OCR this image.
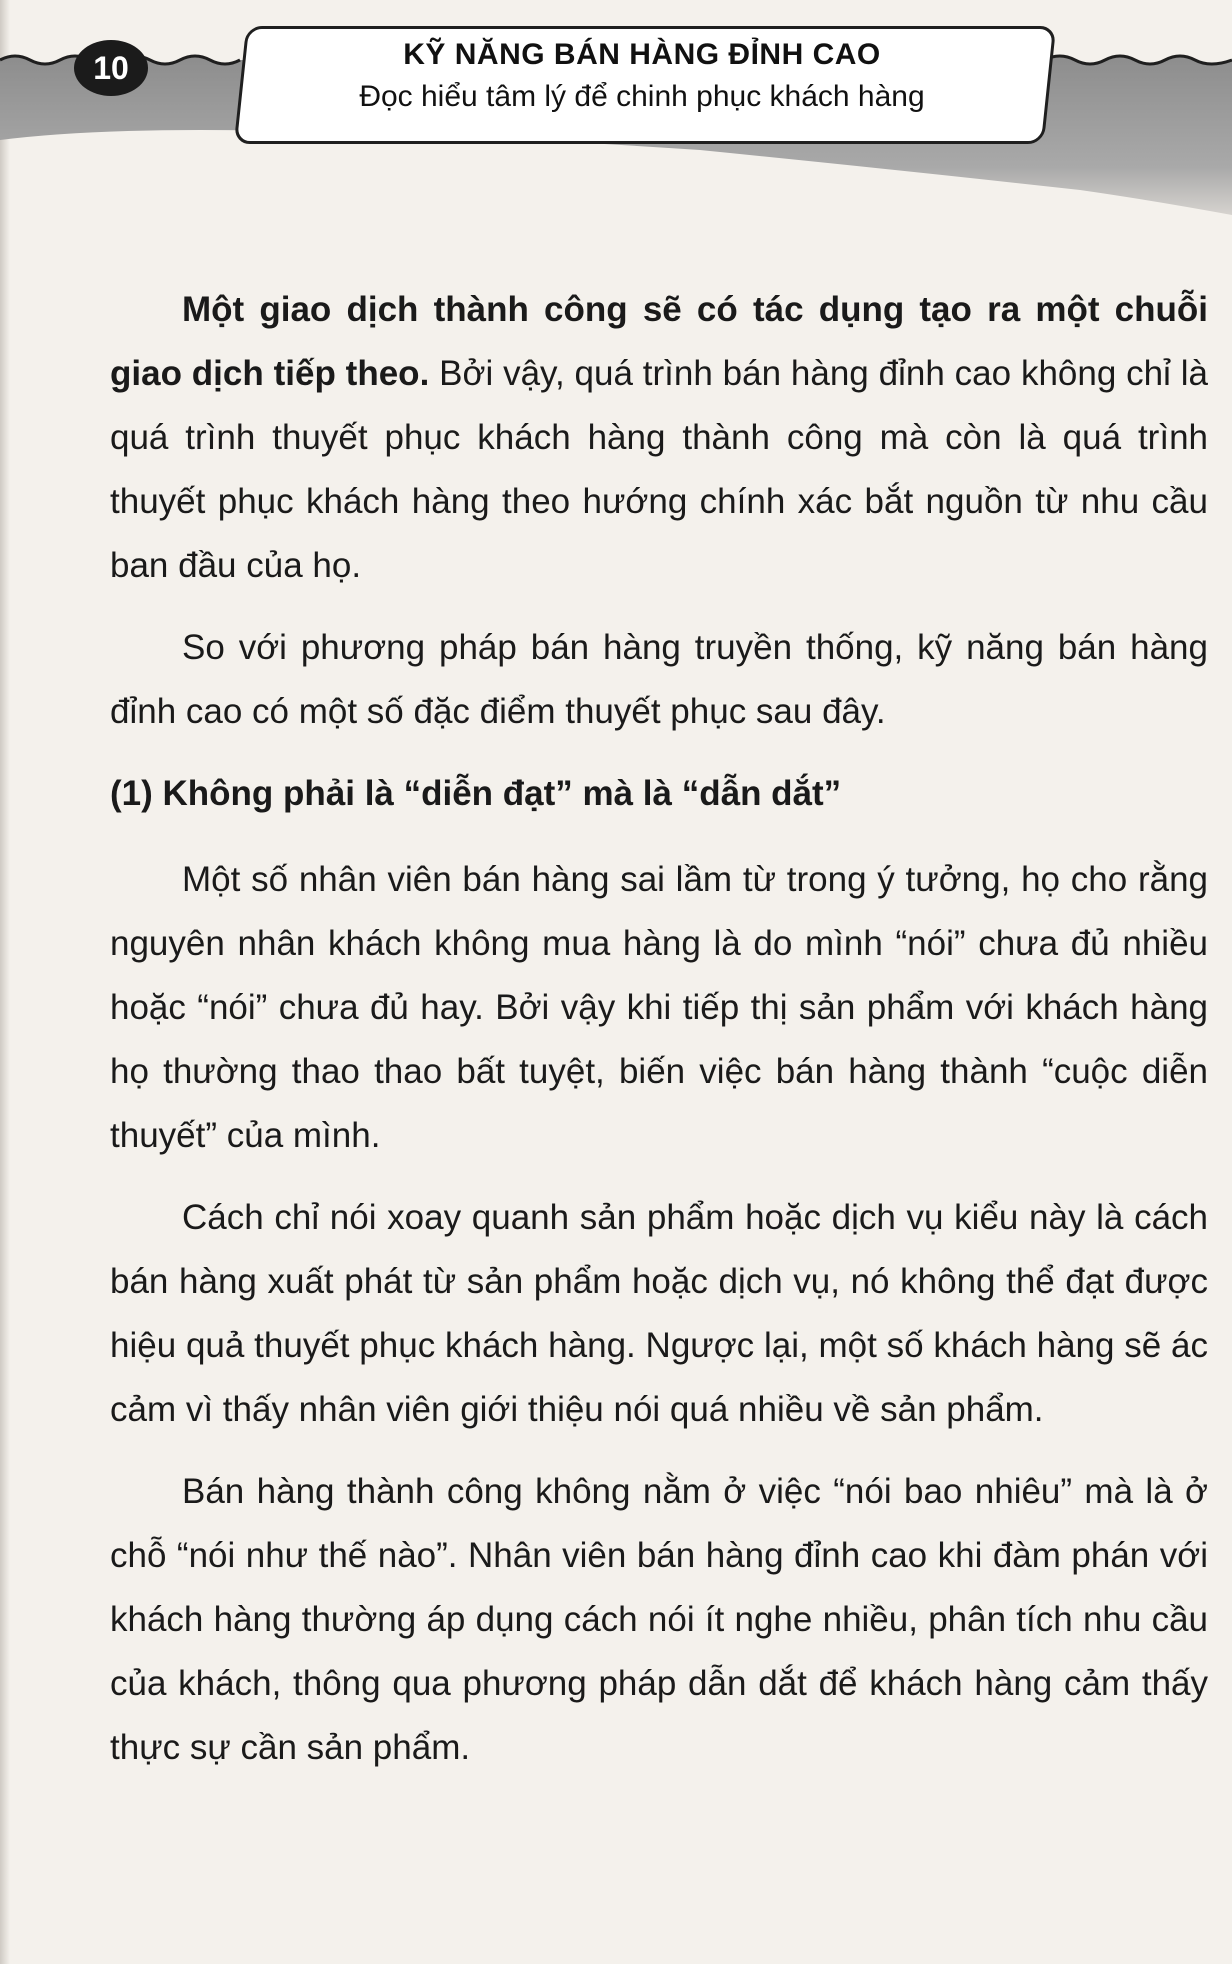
10	KỸ NĂNG BÁN HÀNG ĐỈNH CAO
Đọc hiểu tâm lý để chinh phục khách hàng

Một giao dịch thành công sẽ có tác dụng tạo ra một chuỗi giao dịch tiếp theo. Bởi vậy, quá trình bán hàng đỉnh cao không chỉ là quá trình thuyết phục khách hàng thành công mà còn là quá trình thuyết phục khách hàng theo hướng chính xác bắt nguồn từ nhu cầu ban đầu của họ.

So với phương pháp bán hàng truyền thống, kỹ năng bán hàng đỉnh cao có một số đặc điểm thuyết phục sau đây.

(1) Không phải là “diễn đạt” mà là “dẫn dắt”

Một số nhân viên bán hàng sai lầm từ trong ý tưởng, họ cho rằng nguyên nhân khách không mua hàng là do mình “nói” chưa đủ nhiều hoặc “nói” chưa đủ hay. Bởi vậy khi tiếp thị sản phẩm với khách hàng họ thường thao thao bất tuyệt, biến việc bán hàng thành “cuộc diễn thuyết” của mình.

Cách chỉ nói xoay quanh sản phẩm hoặc dịch vụ kiểu này là cách bán hàng xuất phát từ sản phẩm hoặc dịch vụ, nó không thể đạt được hiệu quả thuyết phục khách hàng. Ngược lại, một số khách hàng sẽ ác cảm vì thấy nhân viên giới thiệu nói quá nhiều về sản phẩm.

Bán hàng thành công không nằm ở việc “nói bao nhiêu” mà là ở chỗ “nói như thế nào”. Nhân viên bán hàng đỉnh cao khi đàm phán với khách hàng thường áp dụng cách nói ít nghe nhiều, phân tích nhu cầu của khách, thông qua phương pháp dẫn dắt để khách hàng cảm thấy thực sự cần sản phẩm.
